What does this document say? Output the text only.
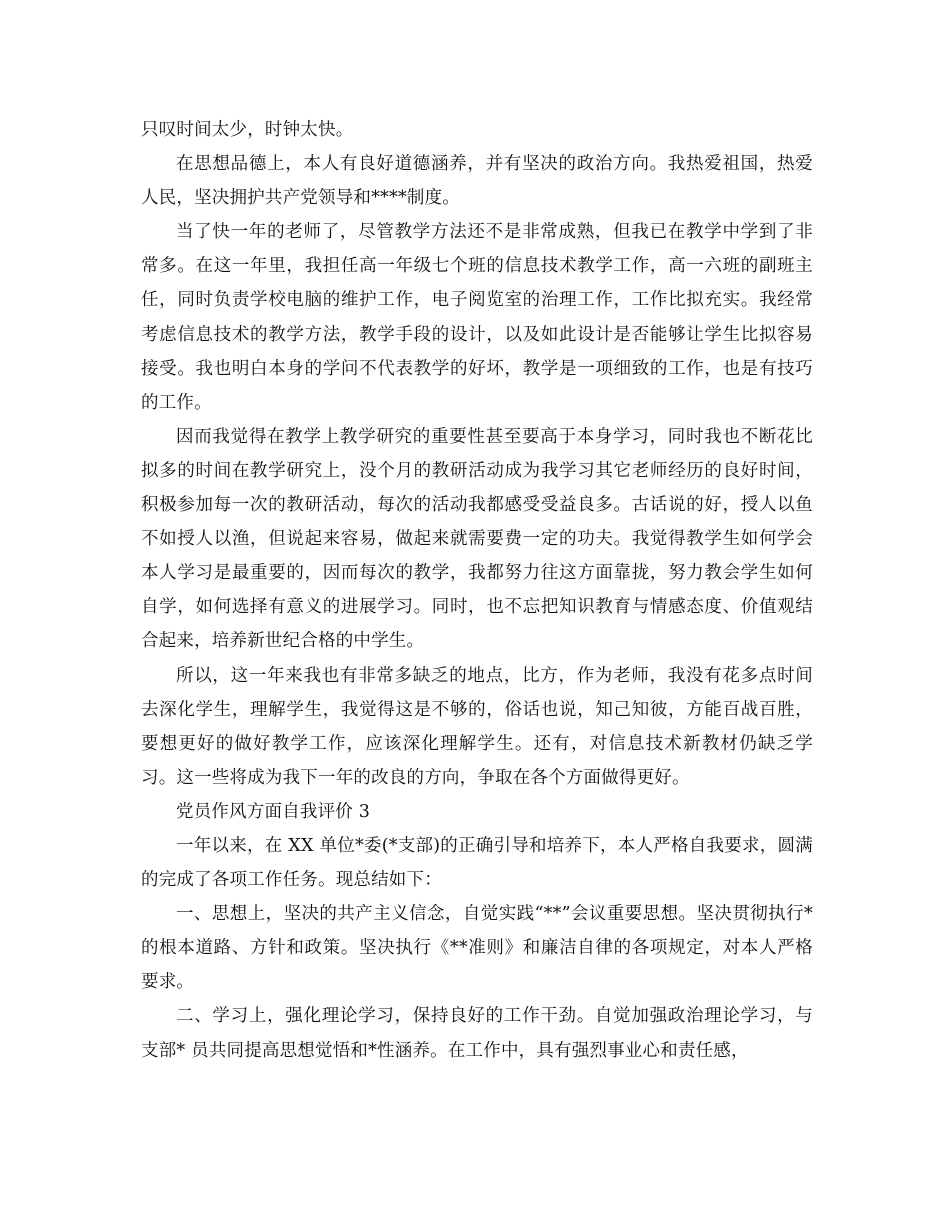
只叹时间太少，时钟太快。

在思想品德上，本人有良好道德涵养，并有坚决的政治方向。我热爱祖国，热爱人民，坚决拥护共产党领导和****制度。

当了快一年的老师了，尽管教学方法还不是非常成熟，但我已在教学中学到了非常多。在这一年里，我担任高一年级七个班的信息技术教学工作，高一六班的副班主任，同时负责学校电脑的维护工作，电子阅览室的治理工作，工作比拟充实。我经常考虑信息技术的教学方法，教学手段的设计，以及如此设计是否能够让学生比拟容易接受。我也明白本身的学问不代表教学的好坏，教学是一项细致的工作，也是有技巧的工作。

因而我觉得在教学上教学研究的重要性甚至要高于本身学习，同时我也不断花比拟多的时间在教学研究上，没个月的教研活动成为我学习其它老师经历的良好时间，积极参加每一次的教研活动，每次的活动我都感受受益良多。古话说的好，授人以鱼不如授人以渔，但说起来容易，做起来就需要费一定的功夫。我觉得教学生如何学会本人学习是最重要的，因而每次的教学，我都努力往这方面靠拢，努力教会学生如何自学，如何选择有意义的进展学习。同时，也不忘把知识教育与情感态度、价值观结合起来，培养新世纪合格的中学生。

所以，这一年来我也有非常多缺乏的地点，比方，作为老师，我没有花多点时间去深化学生，理解学生，我觉得这是不够的，俗话也说，知己知彼，方能百战百胜，要想更好的做好教学工作，应该深化理解学生。还有，对信息技术新教材仍缺乏学习。这一些将成为我下一年的改良的方向，争取在各个方面做得更好。

党员作风方面自我评价 3

一年以来，在 XX 单位*委(*支部)的正确引导和培养下，本人严格自我要求，圆满的完成了各项工作任务。现总结如下：

一、思想上，坚决的共产主义信念，自觉实践“**”会议重要思想。坚决贯彻执行*的根本道路、方针和政策。坚决执行《**准则》和廉洁自律的各项规定，对本人严格要求。

二、学习上，强化理论学习，保持良好的工作干劲。自觉加强政治理论学习，与支部* 员共同提高思想觉悟和*性涵养。在工作中，具有强烈事业心和责任感，
